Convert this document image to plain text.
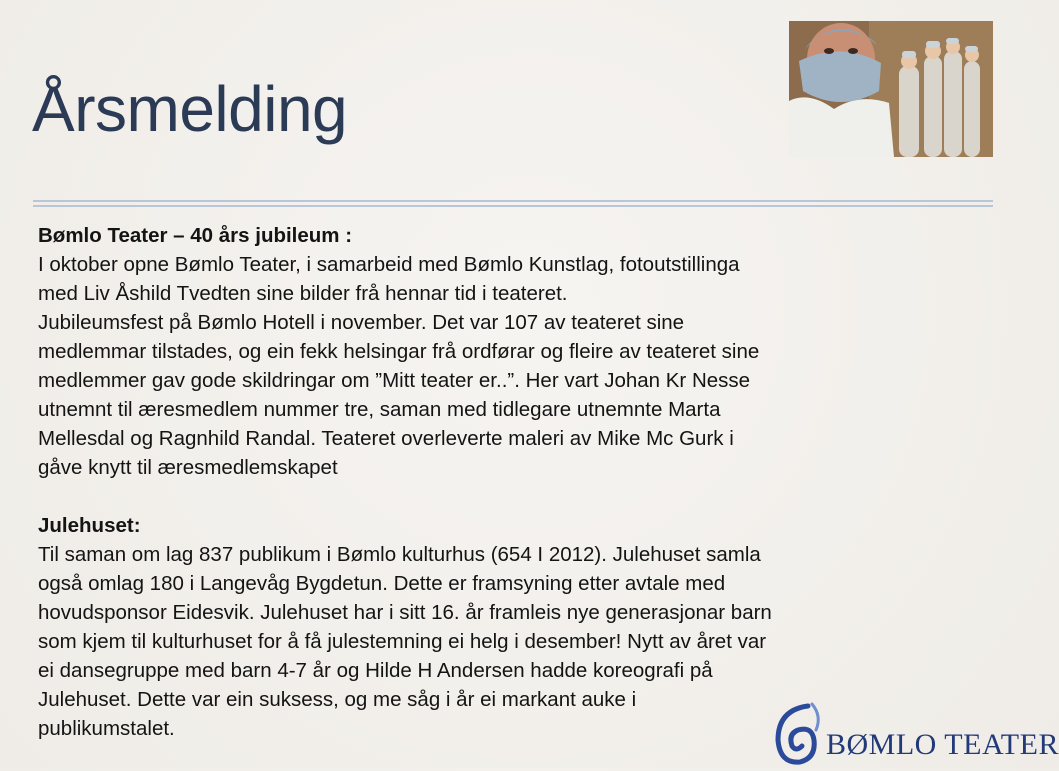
Årsmelding

Bømlo Teater – 40 års jubileum :

I oktober opne Bømlo Teater, i samarbeid med Bømlo Kunstlag, fotoutstillinga

med Liv Åshild Tvedten sine bilder frå hennar tid i teateret.

Jubileumsfest på Bømlo Hotell i november. Det var 107 av teateret sine

medlemmar tilstades, og ein fekk helsingar frå ordførar og fleire av teateret sine

medlemmer gav gode skildringar om ”Mitt teater er..”. Her vart Johan Kr Nesse

utnemnt til æresmedlem nummer tre, saman med tidlegare utnemnte Marta

Mellesdal og Ragnhild Randal. Teateret overleverte maleri av Mike Mc Gurk i

gåve knytt til æresmedlemskapet

Julehuset:

Til saman om lag 837 publikum i Bømlo kulturhus (654 I 2012). Julehuset samla

også omlag 180 i Langevåg Bygdetun. Dette er framsyning etter avtale med

hovudsponsor Eidesvik. Julehuset har i sitt 16. år framleis nye generasjonar barn

som kjem til kulturhuset for å få julestemning ei helg i desember! Nytt av året var

ei dansegruppe med barn 4-7 år og Hilde H Andersen hadde koreografi på

Julehuset. Dette var ein suksess, og me såg i år ei markant auke i

publikumstalet.	BØMLO TEATER
